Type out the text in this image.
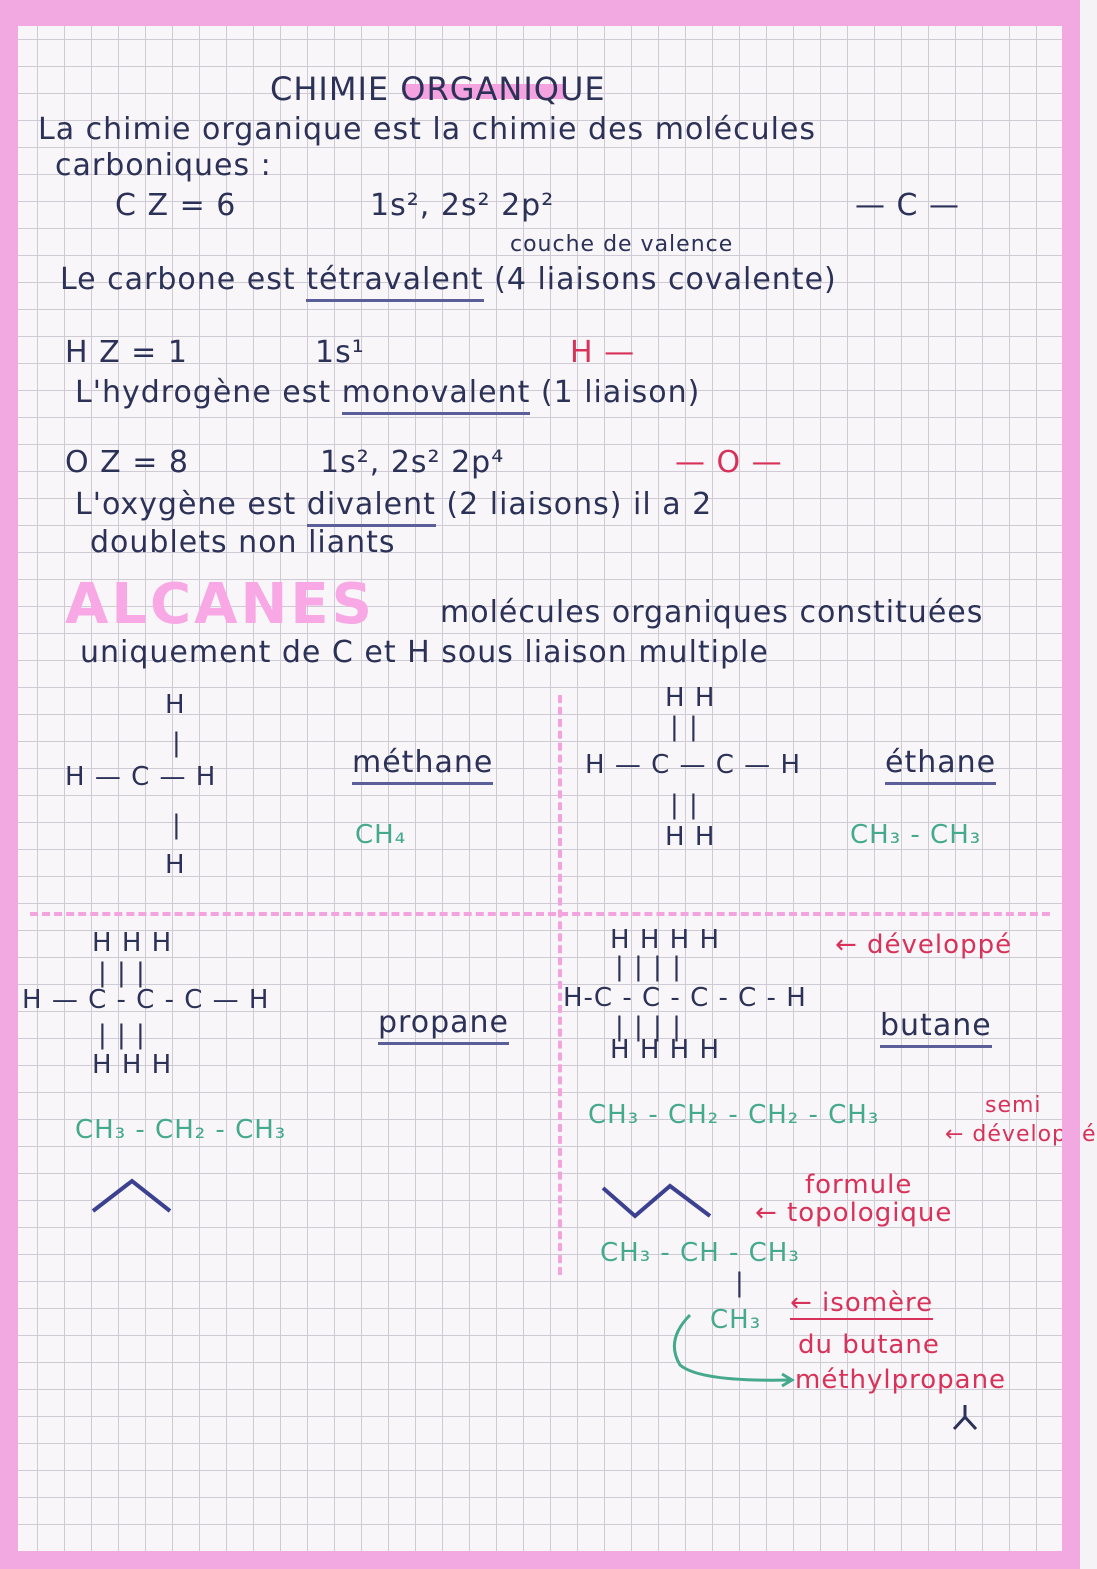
CHIMIE ORGANIQUE
La chimie organique est la chimie des molécules
carboniques :
C Z = 6	1s², 2s² 2p²	— C —
couche de valence
Le carbone est tétravalent (4 liaisons covalente)
H Z = 1	1s¹	H —
L'hydrogène est monovalent (1 liaison)
O Z = 8	1s², 2s² 2p⁴	— O —
L'oxygène est divalent (2 liaisons) il a 2
doublets non liants
ALCANES molécules organiques constituées
uniquement de C et H sous liaison multiple
H
|
H — C — H
|
H
méthane
CH₄
H H
| |
H — C — C — H
| |
H H
éthane
CH₃ - CH₃
H H H
| | |
H — C - C - C — H
| | |
H H H
propane
CH₃ - CH₂ - CH₃
H H H H
| | | |
H-C - C - C - C - H
| | | |
H H H H
← développé
butane
CH₃ - CH₂ - CH₂ - CH₃	semi
← développé
formule
← topologique
CH₃ - CH - CH₃
|
CH₃
← isomère
du butane
méthylpropane
